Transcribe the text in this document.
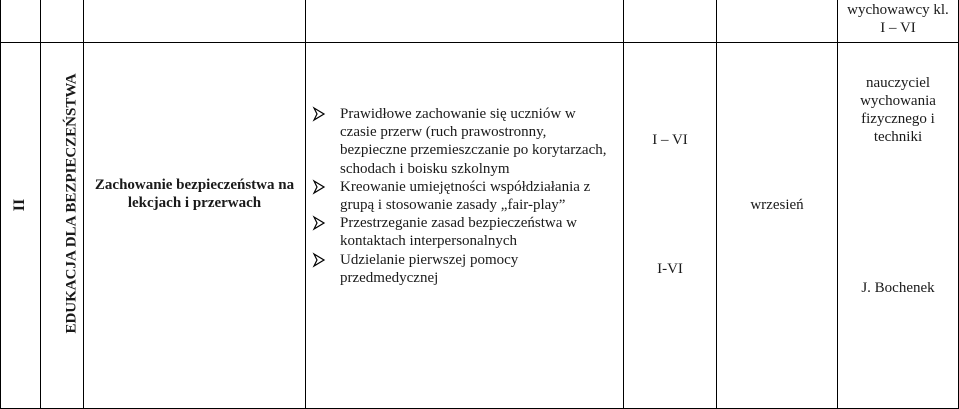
wychowawcy kl.
I – VI
II EDUKACJA DLA BEZPIECZEŃSTWA	Zachowanie bezpieczeństwa na lekcjach i przerwach
Prawidłowe zachowanie się uczniów w czasie przerw (ruch prawostronny, bezpieczne przemieszczanie po korytarzach, schodach i boisku szkolnym
Kreowanie umiejętności współdziałania z grupą i stosowanie zasady „fair-play”
Przestrzeganie zasad bezpieczeństwa w kontaktach interpersonalnych
Udzielanie pierwszej pomocy przedmedycznej
I – VI
I-VI
wrzesień
nauczyciel wychowania fizycznego i techniki
J. Bochenek
